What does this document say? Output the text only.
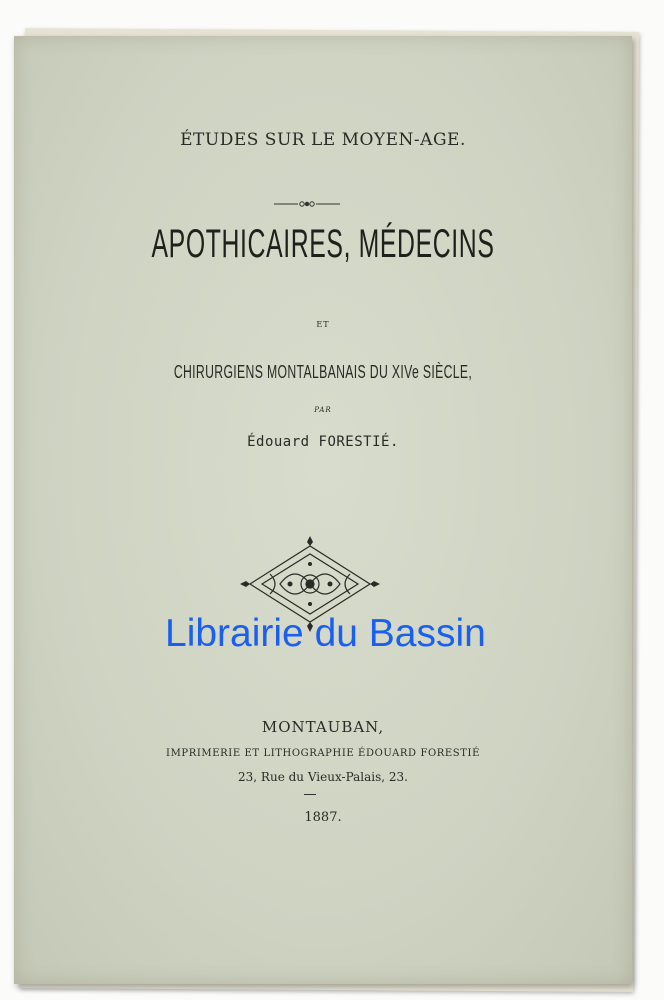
ÉTUDES SUR LE MOYEN-AGE.
APOTHICAIRES, MÉDECINS
ET
CHIRURGIENS MONTALBANAIS DU XIVe SIÈCLE,
PAR
Édouard FORESTIÉ.
MONTAUBAN,
IMPRIMERIE ET LITHOGRAPHIE ÉDOUARD FORESTIÉ
23, Rue du Vieux-Palais, 23.
1887.
Librairie du Bassin
